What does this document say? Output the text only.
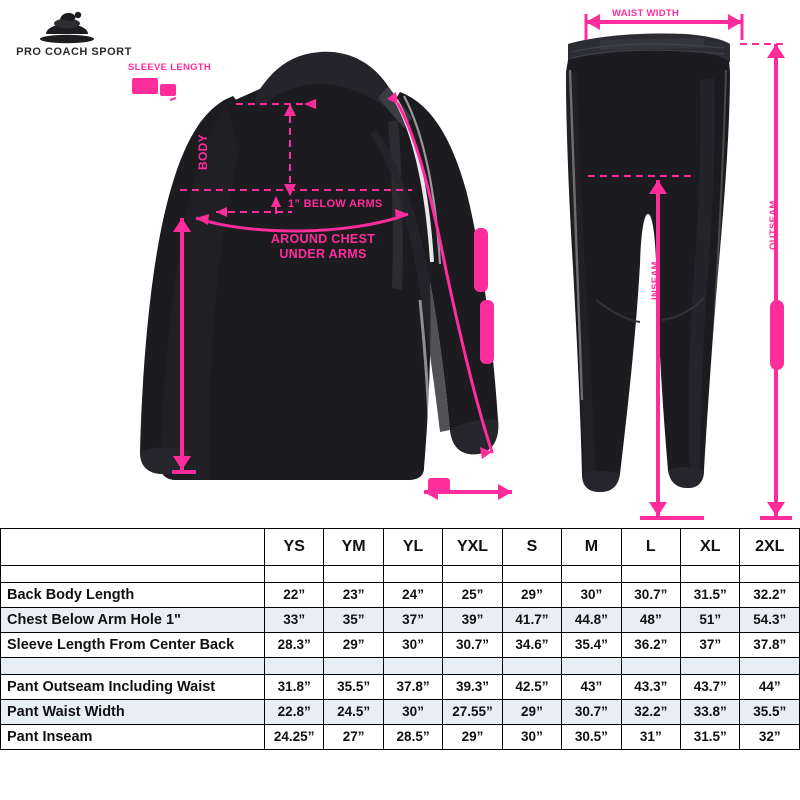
PRO COACH SPORT
SLEEVE LENGTH
BODY
1” BELOW ARMS
AROUND CHEST
UNDER ARMS
WAIST WIDTH
INSEAM
OUTSEAM
	YS	YM	YL	YXL	S	M	L	XL	2XL

Back Body Length	22”	23”	24”	25”	29”	30”	30.7”	31.5”	32.2”
Chest Below Arm Hole 1"	33”	35”	37”	39”	41.7”	44.8”	48”	51”	54.3”
Sleeve Length From Center Back	28.3”	29”	30”	30.7”	34.6”	35.4”	36.2”	37”	37.8”

Pant Outseam Including Waist	31.8”	35.5”	37.8”	39.3”	42.5”	43”	43.3”	43.7”	44”
Pant Waist Width	22.8”	24.5”	30”	27.55”	29”	30.7”	32.2”	33.8”	35.5”
Pant Inseam	24.25”	27”	28.5”	29”	30”	30.5”	31”	31.5”	32”
